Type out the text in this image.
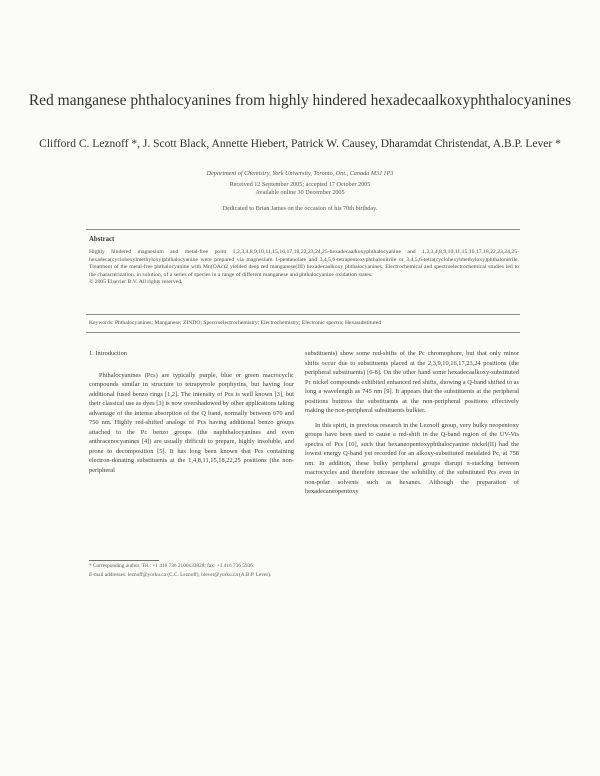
Red manganese phthalocyanines from highly hindered hexadecaalkoxyphthalocyanines
Clifford C. Leznoff *, J. Scott Black, Annette Hiebert, Patrick W. Causey, Dharamdat Christendat, A.B.P. Lever *
Department of Chemistry, York University, Toronto, Ont., Canada M3J 1P3
Received 12 September 2005; accepted 17 October 2005
Available online 30 December 2005
Dedicated to Brian James on the occasion of his 70th birthday.
Abstract
Highly hindered magnesium and metal-free point 1,2,3,4,8,9,10,11,15,16,17,18,22,23,24,25-hexadecaalkoxyphthalocyanine and 1,2,3,4,8,9,10,11,15,16,17,18,22,23,24,25-hexadeca(cyclohexylmethyloxy)phthalocyanine were prepared via magnesium 1-pentanolate and 3,4,5,6-tetrapentoxyphthalonitrile or 3,4,5,6-tetra(cyclohexylmethyloxy)phthalonitrile. Treatment of the metal-free phthalocyanine with Mn(OAc)2 yielded deep red manganese(III) hexadecaalkoxy phthalocyanines. Electrochemical and spectroelectrochemical studies led to the characterization, in solution, of a series of species in a range of different manganese and phthalocyanine oxidation states.
© 2005 Elsevier B.V. All rights reserved.
Keywords: Phthalocyanines; Manganese; ZINDO; Spectroelectrochemistry; Electrochemistry; Electronic spectra; Hexasubstituted
1. Introduction

Phthalocyanines (Pcs) are typically purple, blue or green macrocyclic compounds similar in structure to tetrapyrrole porphyrins, but having four additional fused benzo rings [1,2]. The intensity of Pcs is well known [3], but their classical use as dyes [3] is now overshadowed by other applications taking advantage of the intense absorption of the Q band, normally between 670 and 750 nm. Highly red-shifted analogs of Pcs having additional benzo groups attached to the Pc benzo groups (the naphthalocyanines and even anthracenocyanines [4]) are usually difficult to prepare, highly insoluble, and prone to decomposition [5]. It has long been known that Pcs containing electron-donating substituents at the 1,4,8,11,15,18,22,25 positions (the non-peripheral

substituents) show some red-shifts of the Pc chromophore, but that only minor shifts occur due to substituents placed at the 2,3,9,10,16,17,23,24 positions (the peripheral substituents) [6-8]. On the other hand some hexadecaalkoxy-substituted Pc nickel compounds exhibited enhanced red shifts, showing a Q-band shifted to as long a wavelength as 745 nm [9]. It appears that the substituents at the peripheral positions buttress the substituents at the non-peripheral positions effectively making the non-peripheral substituents bulkier.

In this spirit, in previous research in the Leznoff group, very bulky neopentoxy groups have been used to cause a red-shift in the Q-band region of the UV-Vis spectra of Pcs [10], such that hexaneopentoxyphthalocyanine nickel(II) had the lowest energy Q-band yet recorded for an alkoxy-substituted metalated Pc, at 758 nm. In addition, these bulky peripheral groups disrupt π-stacking between macrocycles and therefore increase the solubility of the substituted Pcs even in non-polar solvents such as hexanes. Although the preparation of hexadecaneopentoxy

* Corresponding author. Tel.: +1 416 736 2100x33828; fax: +1 416 736 5936.

E-mail addresses: leznoff@yorku.ca (C.C. Leznoff), blever@yorku.ca (A.B.P. Lever).
